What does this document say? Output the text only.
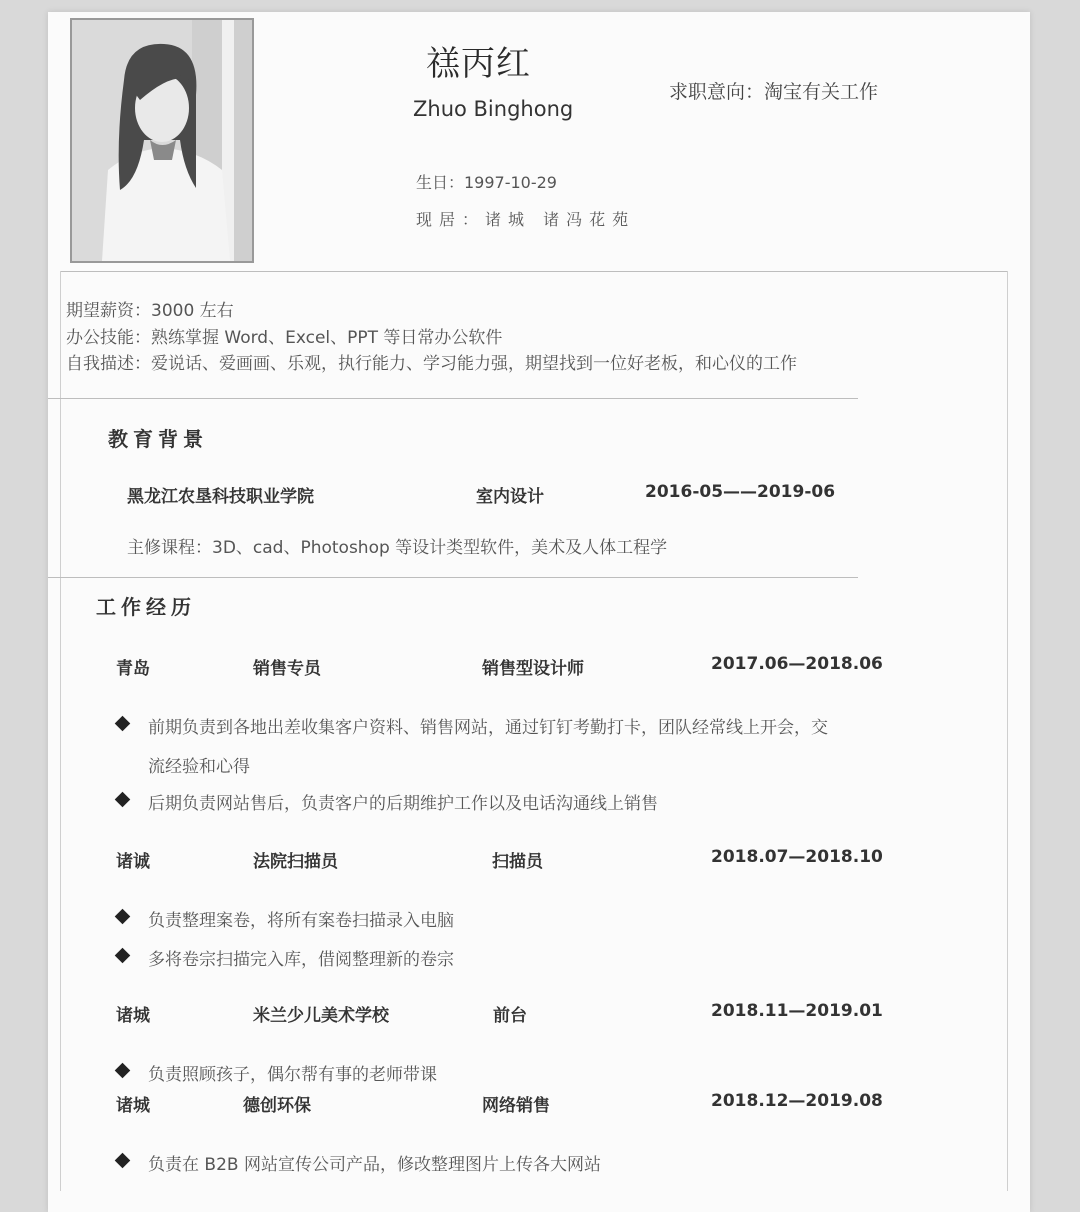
禚丙红
Zhuo Binghong
求职意向：淘宝有关工作
生日：1997-10-29
现居：诸城 诸冯花苑
期望薪资：3000 左右
办公技能：熟练掌握 Word、Excel、PPT 等日常办公软件
自我描述：爱说话、爱画画、乐观，执行能力、学习能力强，期望找到一位好老板，和心仪的工作
教育背景
黑龙江农垦科技职业学院	室内设计	2016-05——2019-06
主修课程：3D、cad、Photoshop 等设计类型软件，美术及人体工程学
工作经历
青岛	销售专员	销售型设计师	2017.06—2018.06
前期负责到各地出差收集客户资料、销售网站，通过钉钉考勤打卡，团队经常线上开会，交
流经验和心得
后期负责网站售后，负责客户的后期维护工作以及电话沟通线上销售
诸诚	法院扫描员	扫描员	2018.07—2018.10
负责整理案卷，将所有案卷扫描录入电脑
多将卷宗扫描完入库，借阅整理新的卷宗
诸城	米兰少儿美术学校	前台	2018.11—2019.01
负责照顾孩子，偶尔帮有事的老师带课
诸城	德创环保	网络销售	2018.12—2019.08
负责在 B2B 网站宣传公司产品，修改整理图片上传各大网站
